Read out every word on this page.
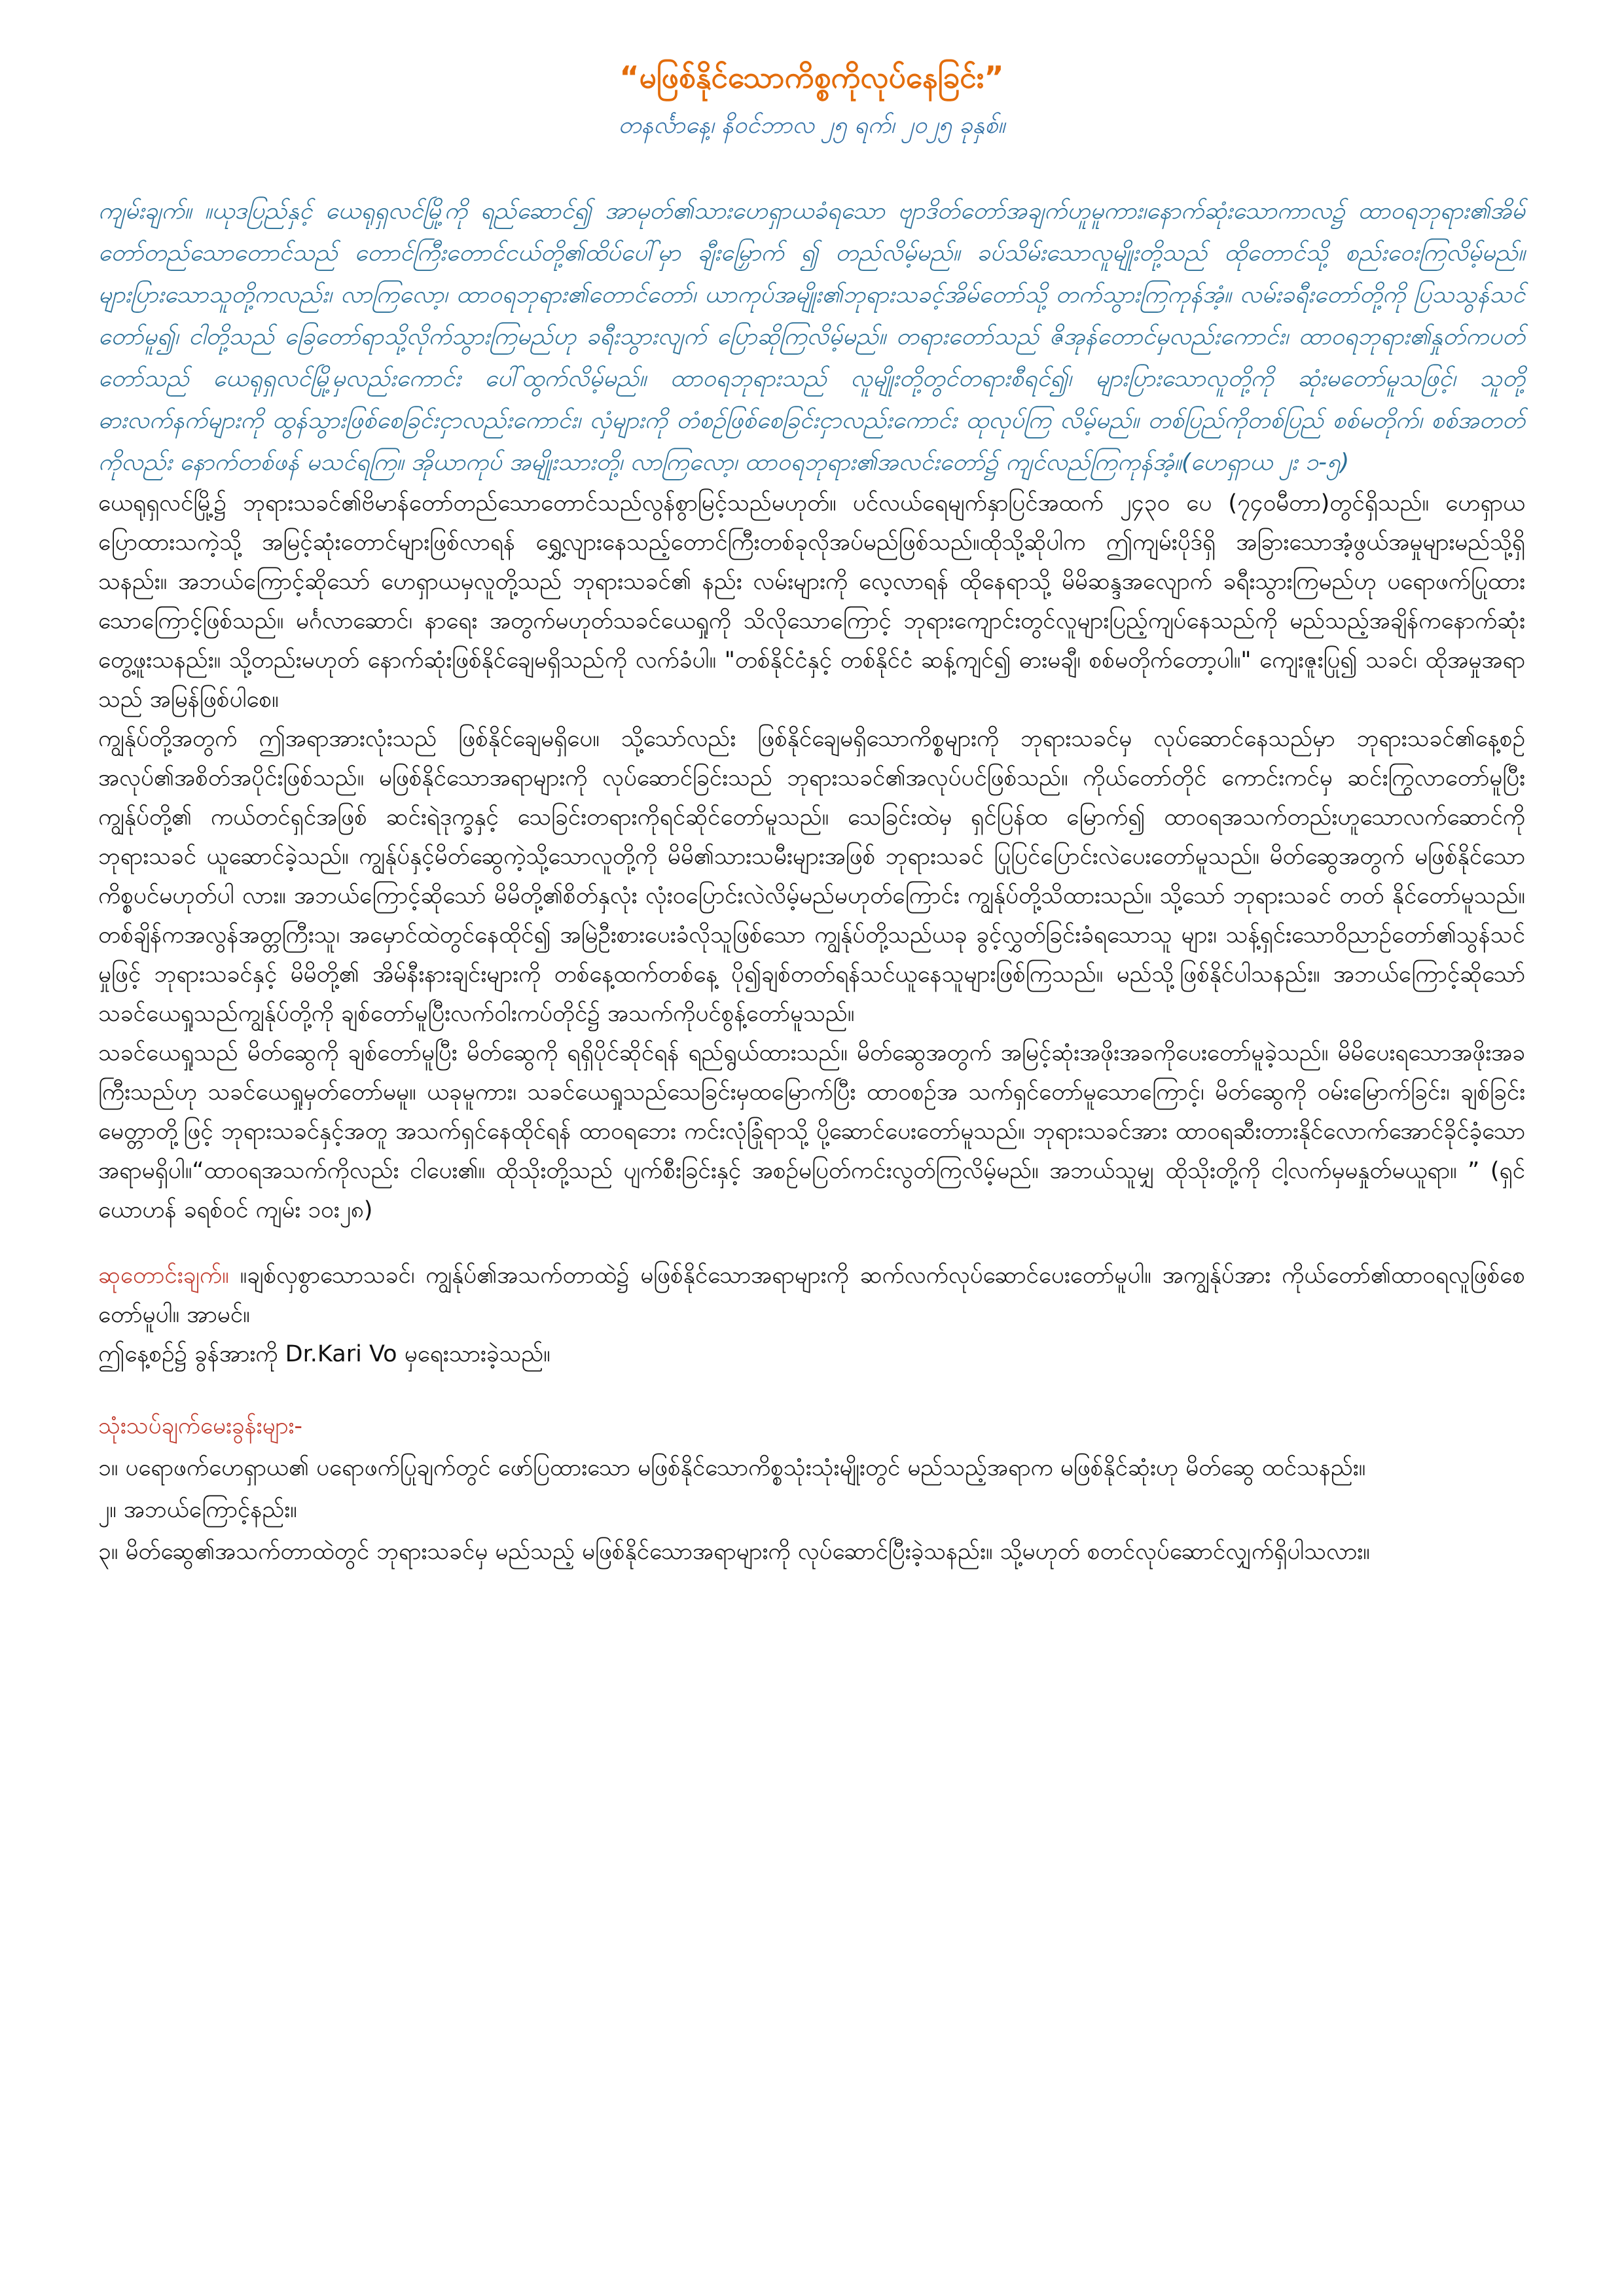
“မဖြစ်နိုင်သောကိစ္စကိုလုပ်နေခြင်း”
တနင်္လာနေ့၊ နိဝင်ဘာလ ၂၅ ရက်၊ ၂၀၂၅ ခုနှစ်။

ကျမ်းချက်။ ။ယုဒပြည်နှင့် ယေရုရှလင်မြို့ကို ရည်ဆောင်၍ အာမုတ်၏သားဟေရှာယခံရသော ဗျာဒိတ်တော်အချက်ဟူမူကား၊နောက်ဆုံးသောကာလ၌ ထာဝရဘုရား၏အိမ်တော်တည်သောတောင်သည် တောင်ကြီးတောင်ငယ်တို့၏ထိပ်ပေါ်မှာ ချီးမြှောက် ၍ တည်လိမ့်မည်။ ခပ်သိမ်းသောလူမျိုးတို့သည် ထိုတောင်သို့ စည်းဝေးကြလိမ့်မည်။များပြားသောသူတို့ကလည်း၊ လာကြလော့၊ ထာဝရဘုရား၏တောင်တော်၊ ယာကုပ်အမျိုး၏ဘုရားသခင့်အိမ်တော်သို့ တက်သွားကြကုန်အံ့။ လမ်းခရီးတော်တို့ကို ပြသသွန်သင်တော်မူ၍၊ ငါတို့သည် ခြေတော်ရာသို့လိုက်သွားကြမည်ဟု ခရီးသွားလျက် ပြောဆိုကြလိမ့်မည်။ တရားတော်သည် ဇိအုန်တောင်မှလည်းကောင်း၊ ထာဝရဘုရား၏နှုတ်ကပတ်တော်သည် ယေရုရှလင်မြို့မှလည်းကောင်း ပေါ်ထွက်လိမ့်မည်။ ထာဝရဘုရားသည် လူမျိုးတို့တွင်တရားစီရင်၍၊ များပြားသောလူတို့ကို ဆုံးမတော်မူသဖြင့်၊ သူတို့ ဓားလက်နက်များကို ထွန်သွားဖြစ်စေခြင်းငှာလည်းကောင်း၊ လှံများကို တံစဉ်ဖြစ်စေခြင်းငှာလည်းကောင်း ထုလုပ်ကြ လိမ့်မည်။ တစ်ပြည်ကိုတစ်ပြည် စစ်မတိုက်၊ စစ်အတတ်ကိုလည်း နောက်တစ်ဖန် မသင်ရကြ။ အိုယာကုပ် အမျိုးသားတို့၊ လာကြလော့၊ ထာဝရဘုရား၏အလင်းတော်၌ ကျင်လည်ကြကုန်အံ့။(ဟေရှာယ ၂း ၁-၅)

ယေရုရှလင်မြို့၌ ဘုရားသခင်၏ဗိမာန်တော်တည်သောတောင်သည်လွန်စွာမြင့်သည်မဟုတ်။ ပင်လယ်ရေမျက်နှာပြင်အထက် ၂၄၃၀ ပေ (၇၄၀မီတာ)တွင်ရှိသည်။ ဟေရှာယပြောထားသကဲ့သို့ အမြင့်ဆုံးတောင်များဖြစ်လာရန် ရွှေ့လျားနေသည့်တောင်ကြီးတစ်ခုလိုအပ်မည်ဖြစ်သည်။ထိုသို့ဆိုပါက ဤကျမ်းပိုဒ်ရှိ အခြားသောအံ့ဖွယ်အမှုများမည်သို့ရှိသနည်း။ အဘယ်ကြောင့်ဆိုသော် ဟေရှာယမှလူတို့သည် ဘုရားသခင်၏ နည်း လမ်းများကို လေ့လာရန် ထိုနေရာသို့ မိမိဆန္ဒအလျောက် ခရီးသွားကြမည်ဟု ပရောဖက်ပြုထားသောကြောင့်ဖြစ်သည်။ မင်္ဂလာဆောင်၊ နာရေး အတွက်မဟုတ်သခင်ယေရှုကို သိလိုသောကြောင့် ဘုရားကျောင်းတွင်လူများပြည့်ကျပ်နေသည်ကို မည်သည့်အချိန်ကနောက်ဆုံးတွေ့ဖူးသနည်း။ သို့တည်းမဟုတ် နောက်ဆုံးဖြစ်နိုင်ချေမရှိသည်ကို လက်ခံပါ။ "တစ်နိုင်ငံနှင့် တစ်နိုင်ငံ ဆန့်ကျင်၍ ဓားမချီ၊ စစ်မတိုက်တော့ပါ။" ကျေးဇူးပြု၍ သခင်၊ ထိုအမှုအရာသည် အမြန်ဖြစ်ပါစေ။

ကျွန်ုပ်တို့အတွက် ဤအရာအားလုံးသည် ဖြစ်နိုင်ချေမရှိပေ။ သို့သော်လည်း ဖြစ်နိုင်ချေမရှိသောကိစ္စများကို ဘုရားသခင်မှ လုပ်ဆောင်နေသည်မှာ ဘုရားသခင်၏နေ့စဉ်အလုပ်၏အစိတ်အပိုင်းဖြစ်သည်။ မဖြစ်နိုင်သောအရာများကို လုပ်ဆောင်ခြင်းသည် ဘုရားသခင်၏အလုပ်ပင်ဖြစ်သည်။ ကိုယ်တော်တိုင် ကောင်းကင်မှ ဆင်းကြွလာတော်မူပြီးကျွန်ုပ်တို့၏ ကယ်တင်ရှင်အဖြစ် ဆင်းရဲဒုက္ခနှင့် သေခြင်းတရားကိုရင်ဆိုင်တော်မူသည်။ သေခြင်းထဲမှ ရှင်ပြန်ထ မြောက်၍ ထာဝရအသက်တည်းဟူသောလက်ဆောင်ကို ဘုရားသခင် ယူဆောင်ခဲ့သည်။ ကျွန်ုပ်နှင့်မိတ်ဆွေကဲ့သို့သောလူတို့ကို မိမိ၏သားသမီးများအဖြစ် ဘုရားသခင် ပြုပြင်ပြောင်းလဲပေးတော်မူသည်။ မိတ်ဆွေအတွက် မဖြစ်နိုင်သောကိစ္စပင်မဟုတ်ပါ လား။ အဘယ်ကြောင့်ဆိုသော် မိမိတို့၏စိတ်နှလုံး လုံးဝပြောင်းလဲလိမ့်မည်မဟုတ်ကြောင်း ကျွန်ုပ်တို့သိထားသည်။ သို့သော် ဘုရားသခင် တတ် နိုင်တော်မူသည်။ တစ်ချိန်ကအလွန်အတ္တကြီးသူ၊ အမှောင်ထဲတွင်နေထိုင်၍ အမြဲဦးစားပေးခံလိုသူဖြစ်သော ကျွန်ုပ်တို့သည်ယခု ခွင့်လွှတ်ခြင်းခံရသောသူ များ၊ သန့်ရှင်းသောဝိညာဉ်တော်၏သွန်သင်မှုဖြင့် ဘုရားသခင်နှင့် မိမိတို့၏ အိမ်နီးနားချင်းများကို တစ်နေ့ထက်တစ်နေ့ ပို၍ချစ်တတ်ရန်သင်ယူနေသူများဖြစ်ကြသည်။ မည်သို့ဖြစ်နိုင်ပါသနည်း။ အဘယ်ကြောင့်ဆိုသော် သခင်ယေရှုသည်ကျွန်ုပ်တို့ကို ချစ်တော်မူပြီးလက်ဝါးကပ်တိုင်၌ အသက်ကိုပင်စွန့်တော်မူသည်။

သခင်ယေရှုသည် မိတ်ဆွေကို ချစ်တော်မူပြီး မိတ်ဆွေကို ရရှိပိုင်ဆိုင်ရန် ရည်ရွယ်ထားသည်။ မိတ်ဆွေအတွက် အမြင့်ဆုံးအဖိုးအခကိုပေးတော်မူခဲ့သည်။ မိမိပေးရသောအဖိုးအခကြီးသည်ဟု သခင်ယေရှုမှတ်တော်မမူ။ ယခုမူကား၊ သခင်ယေရှုသည်သေခြင်းမှထမြောက်ပြီး ထာဝစဉ်အ သက်ရှင်တော်မူသောကြောင့်၊ မိတ်ဆွေကို ဝမ်းမြောက်ခြင်း၊ ချစ်ခြင်းမေတ္တာတို့ဖြင့် ဘုရားသခင်နှင့်အတူ အသက်ရှင်နေထိုင်ရန် ထာဝရဘေး ကင်းလုံခြုံရာသို့ ပို့ဆောင်ပေးတော်မူသည်။ ဘုရားသခင်အား ထာဝရဆီးတားနိုင်လောက်အောင်ခိုင်ခံ့သောအရာမရှိပါ။“ထာဝရအသက်ကိုလည်း ငါပေး၏။ ထိုသိုးတို့သည် ပျက်စီးခြင်းနှင့် အစဉ်မပြတ်ကင်းလွတ်ကြလိမ့်မည်။ အဘယ်သူမျှ ထိုသိုးတို့ကို ငါ့လက်မှမနှုတ်မယူရာ။ ” (ရှင်ယောဟန် ခရစ်ဝင် ကျမ်း ၁၀း၂၈)

ဆုတောင်းချက်။ ။ချစ်လှစွာသောသခင်၊ ကျွန်ုပ်၏အသက်တာထဲ၌ မဖြစ်နိုင်သောအရာများကို ဆက်လက်လုပ်ဆောင်ပေးတော်မူပါ။ အကျွန်ုပ်အား ကိုယ်တော်၏ထာဝရလူဖြစ်စေတော်မူပါ။ အာမင်။

ဤနေ့စဉ်၌ ခွန်အားကို Dr.Kari Vo မှရေးသားခဲ့သည်။

သုံးသပ်ချက်မေးခွန်းများ-

၁။ ပရောဖက်ဟေရှာယ၏ ပရောဖက်ပြုချက်တွင် ဖော်ပြထားသော မဖြစ်နိုင်သောကိစ္စသုံးသုံးမျိုးတွင် မည်သည့်အရာက မဖြစ်နိုင်ဆုံးဟု မိတ်ဆွေ ထင်သနည်း။

၂။ အဘယ်ကြောင့်နည်း။

၃။ မိတ်ဆွေ၏အသက်တာထဲတွင် ဘုရားသခင်မှ မည်သည့် မဖြစ်နိုင်သောအရာများကို လုပ်ဆောင်ပြီးခဲ့သနည်း။ သို့မဟုတ် စတင်လုပ်ဆောင်လျှက်ရှိပါသလား။
